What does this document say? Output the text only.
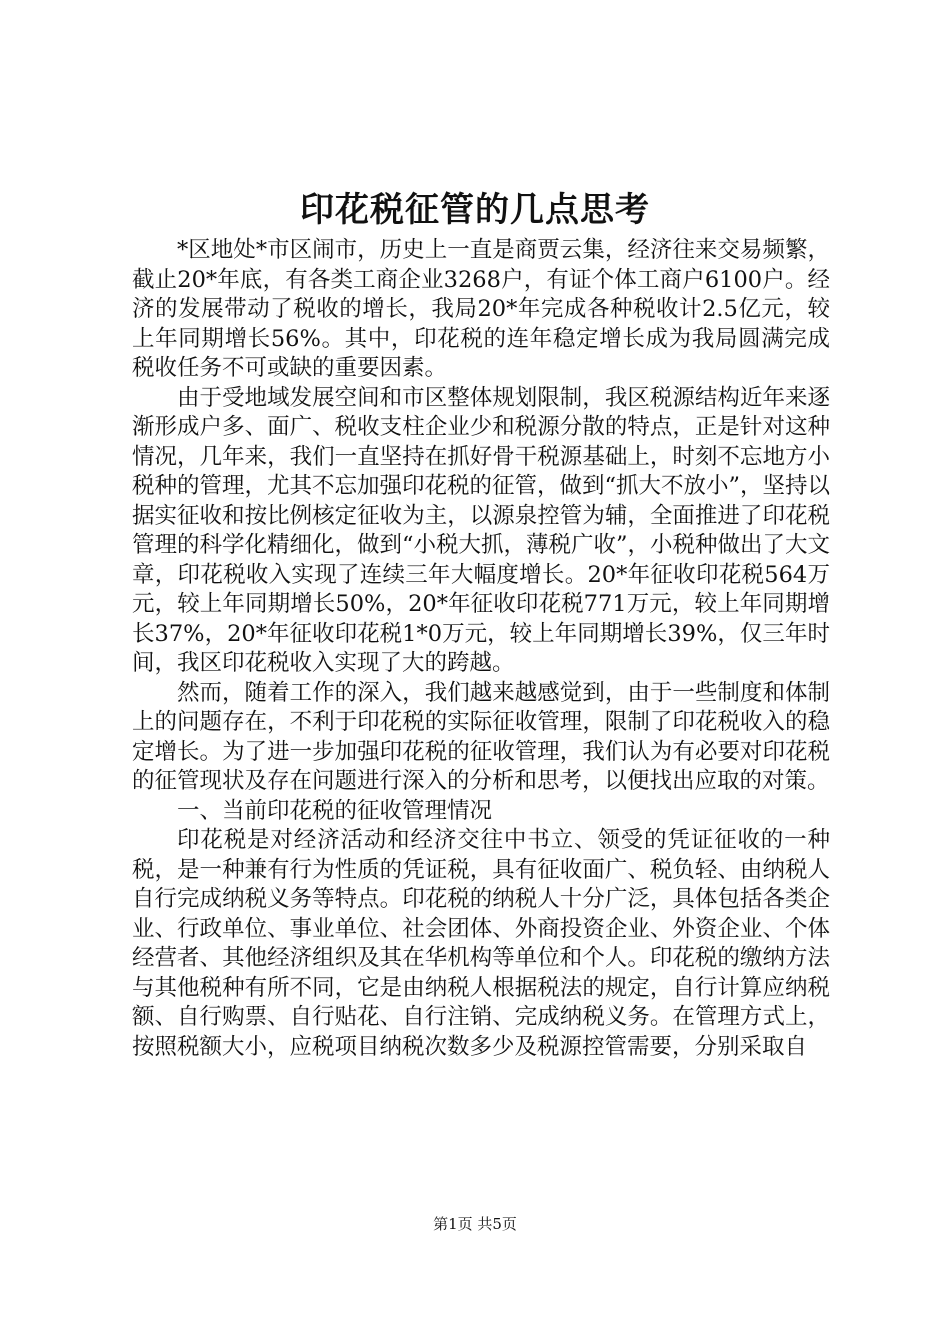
印花税征管的几点思考

*区地处*市区闹市，历史上一直是商贾云集，经济往来交易频繁，截止20*年底，有各类工商企业3268户，有证个体工商户6100户。经济的发展带动了税收的增长，我局20*年完成各种税收计2.5亿元，较上年同期增长56%。其中，印花税的连年稳定增长成为我局圆满完成税收任务不可或缺的重要因素。

由于受地域发展空间和市区整体规划限制，我区税源结构近年来逐渐形成户多、面广、税收支柱企业少和税源分散的特点，正是针对这种情况，几年来，我们一直坚持在抓好骨干税源基础上，时刻不忘地方小税种的管理，尤其不忘加强印花税的征管，做到“抓大不放小”，坚持以据实征收和按比例核定征收为主，以源泉控管为辅，全面推进了印花税管理的科学化精细化，做到“小税大抓，薄税广收”，小税种做出了大文章，印花税收入实现了连续三年大幅度增长。20*年征收印花税564万元，较上年同期增长50%，20*年征收印花税771万元，较上年同期增长37%，20*年征收印花税1*0万元，较上年同期增长39%，仅三年时间，我区印花税收入实现了大的跨越。

然而，随着工作的深入，我们越来越感觉到，由于一些制度和体制上的问题存在，不利于印花税的实际征收管理，限制了印花税收入的稳定增长。为了进一步加强印花税的征收管理，我们认为有必要对印花税的征管现状及存在问题进行深入的分析和思考，以便找出应取的对策。

一、当前印花税的征收管理情况

印花税是对经济活动和经济交往中书立、领受的凭证征收的一种税，是一种兼有行为性质的凭证税，具有征收面广、税负轻、由纳税人自行完成纳税义务等特点。印花税的纳税人十分广泛，具体包括各类企业、行政单位、事业单位、社会团体、外商投资企业、外资企业、个体经营者、其他经济组织及其在华机构等单位和个人。印花税的缴纳方法与其他税种有所不同，它是由纳税人根据税法的规定，自行计算应纳税额、自行购票、自行贴花、自行注销、完成纳税义务。在管理方式上，按照税额大小，应税项目纳税次数多少及税源控管需要，分别采取自

第1页 共5页
